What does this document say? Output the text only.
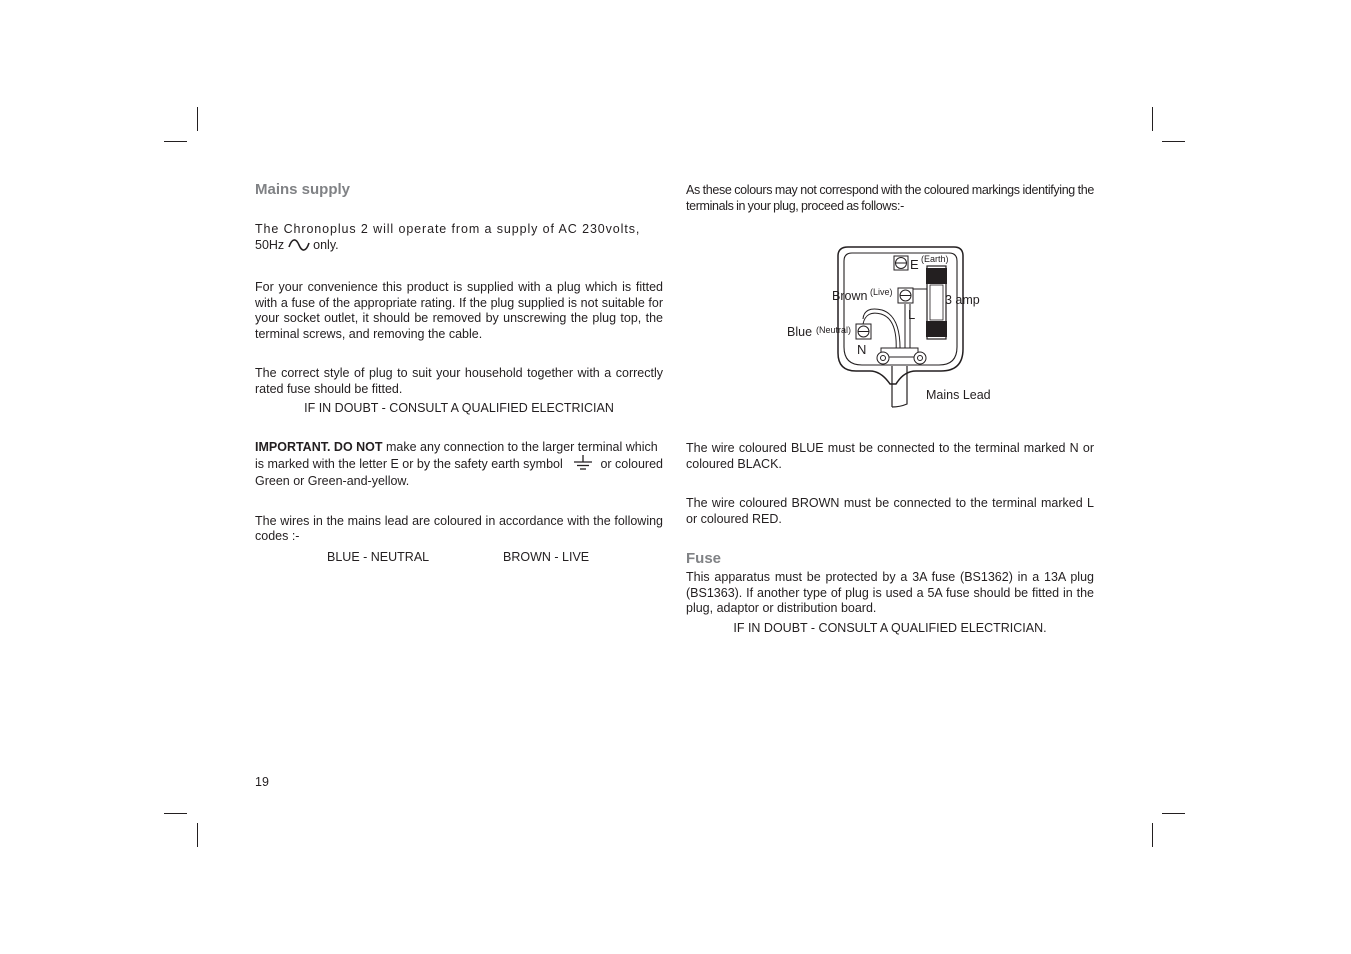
Mains supply

The Chronoplus 2 will operate from a supply of AC 230volts,

50Hz  only.

For your convenience this product is supplied with a plug which is fitted with a fuse of the appropriate rating. If the plug supplied is not suitable for your socket outlet, it should be removed by unscrewing the plug top, the terminal screws, and removing the cable.

The correct style of plug to suit your household together with a correctly rated fuse should be fitted.

IF IN DOUBT - CONSULT A QUALIFIED ELECTRICIAN

IMPORTANT. DO NOT make any connection to the larger terminal which

is marked with the letter E or by the safety earth symbol	or coloured

Green or Green-and-yellow.

The wires in the mains lead are coloured in accordance with the following codes :-

BLUE - NEUTRAL	BROWN - LIVE

As these colours may not correspond with the coloured markings identifying the terminals in your plug, proceed as follows:-

E (Earth)
Brown (Live)
3 amp
L
Blue (Neutral)
N
Mains Lead

The wire coloured BLUE must be connected to the terminal marked N or coloured BLACK.

The wire coloured BROWN must be connected to the terminal marked L or coloured RED.

Fuse

This apparatus must be protected by a 3A fuse (BS1362) in a 13A plug (BS1363). If another type of plug is used a 5A fuse should be fitted in the plug, adaptor or distribution board.

IF IN DOUBT - CONSULT A QUALIFIED ELECTRICIAN.

19
